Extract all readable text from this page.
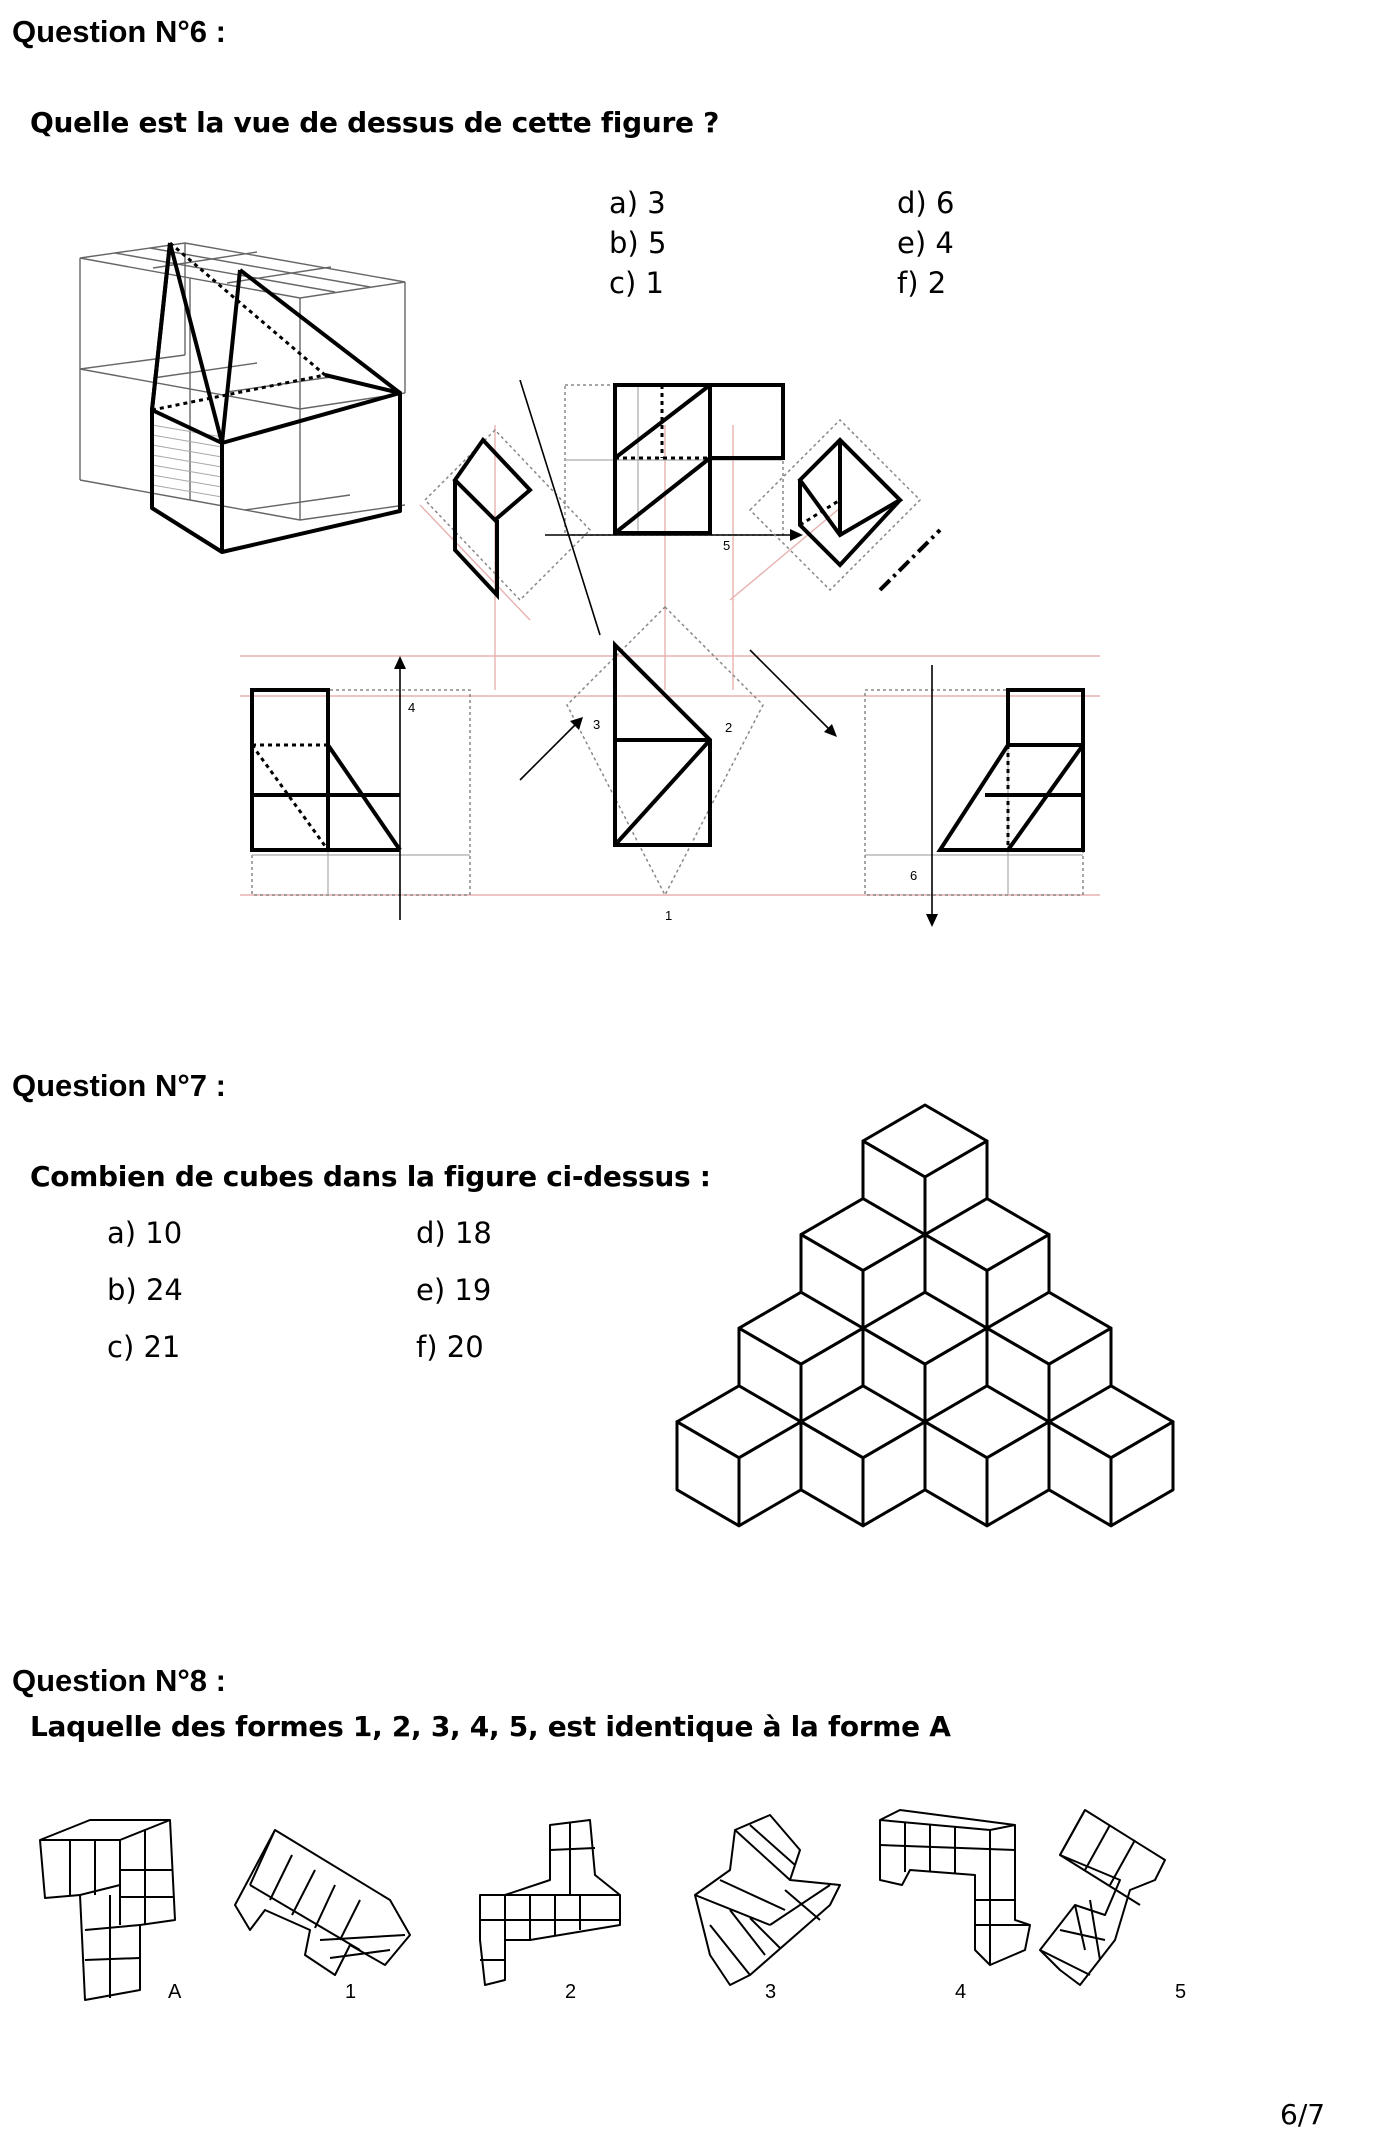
Question N°6 :
Quelle est la vue de dessus de cette figure ?
a) 3
b) 5
c) 1
d) 6
e) 4
f) 2
5
4
3	2
1
6
Question N°7 :
Combien de cubes dans la figure ci-dessus :
a) 10
b) 24
c) 21
d) 18
e) 19
f) 20
Question N°8 :
Laquelle des formes 1, 2, 3, 4, 5, est identique à la forme A
A	1	2	3	4	5
6/7
